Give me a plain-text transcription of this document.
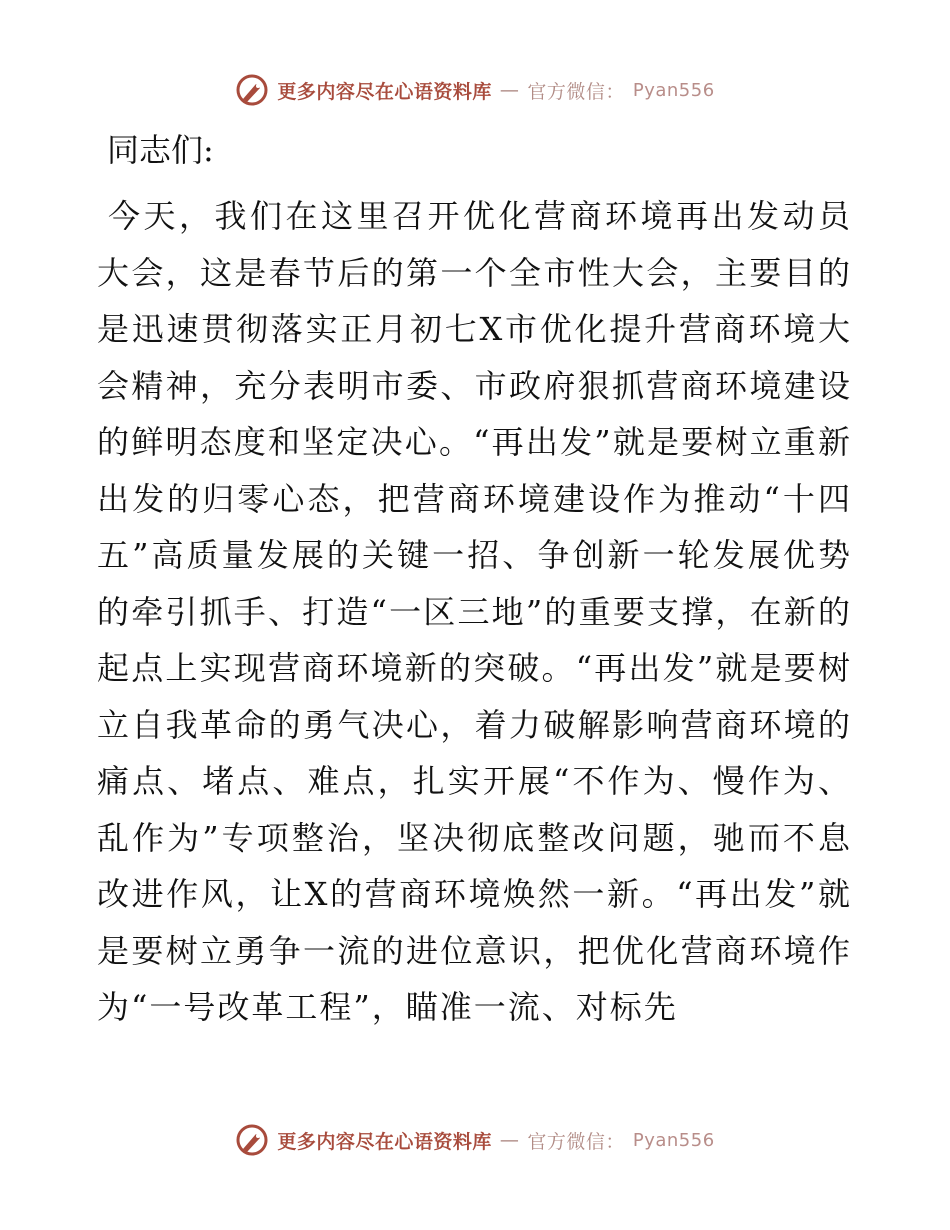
更多内容尽在心语资料库 — 官方微信： Pyan556
同志们:

今天，我们在这里召开优化营商环境再出发动员大会，这是春节后的第一个全市性大会，主要目的是迅速贯彻落实正月初七X市优化提升营商环境大会精神，充分表明市委、市政府狠抓营商环境建设的鲜明态度和坚定决心。“再出发”就是要树立重新出发的归零心态，把营商环境建设作为推动“十四五”高质量发展的关键一招、争创新一轮发展优势的牵引抓手、打造“一区三地”的重要支撑，在新的起点上实现营商环境新的突破。“再出发”就是要树立自我革命的勇气决心，着力破解影响营商环境的痛点、堵点、难点，扎实开展“不作为、慢作为、乱作为”专项整治，坚决彻底整改问题，驰而不息改进作风，让X的营商环境焕然一新。“再出发”就是要树立勇争一流的进位意识，把优化营商环境作为“一号改革工程”，瞄准一流、对标先

更多内容尽在心语资料库 — 官方微信： Pyan556
